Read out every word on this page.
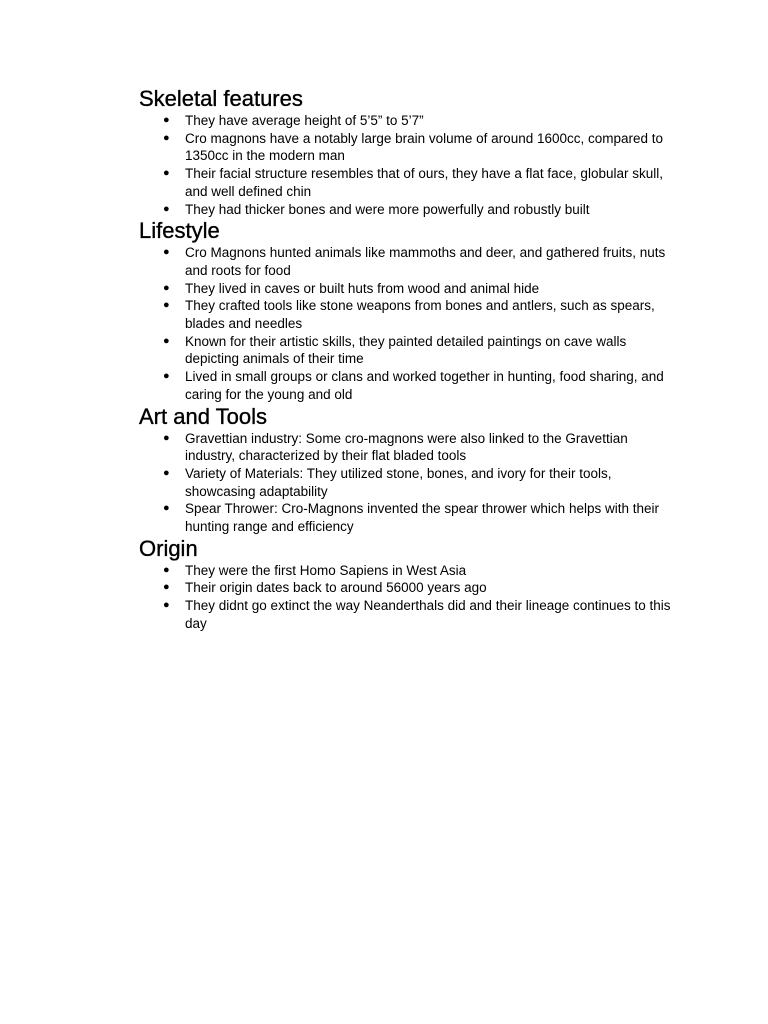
Skeletal features
● They have average height of 5’5” to 5’7”
● Cro magnons have a notably large brain volume of around 1600cc, compared to 1350cc in the modern man
● Their facial structure resembles that of ours, they have a flat face, globular skull, and well defined chin
● They had thicker bones and were more powerfully and robustly built
Lifestyle
● Cro Magnons hunted animals like mammoths and deer, and gathered fruits, nuts and roots for food
● They lived in caves or built huts from wood and animal hide
● They crafted tools like stone weapons from bones and antlers, such as spears, blades and needles
● Known for their artistic skills, they painted detailed paintings on cave walls depicting animals of their time
● Lived in small groups or clans and worked together in hunting, food sharing, and caring for the young and old
Art and Tools
● Gravettian industry: Some cro-magnons were also linked to the Gravettian industry, characterized by their flat bladed tools
● Variety of Materials: They utilized stone, bones, and ivory for their tools, showcasing adaptability
● Spear Thrower: Cro-Magnons invented the spear thrower which helps with their hunting range and efficiency
Origin
● They were the first Homo Sapiens in West Asia
● Their origin dates back to around 56000 years ago
● They didnt go extinct the way Neanderthals did and their lineage continues to this day
